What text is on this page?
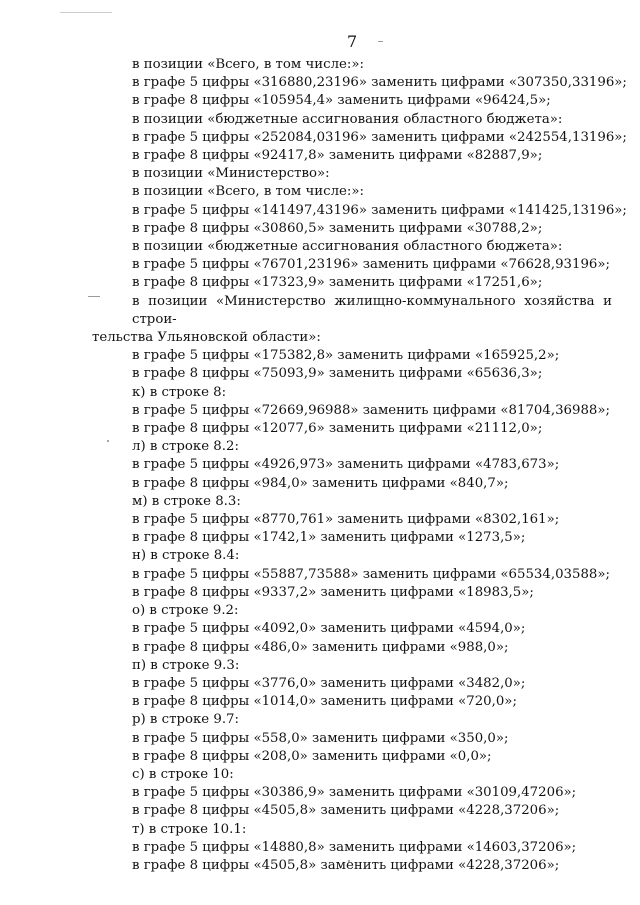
7
в позиции «Всего, в том числе:»:
в графе 5 цифры «316880,23196» заменить цифрами «307350,33196»;
в графе 8 цифры «105954,4» заменить цифрами «96424,5»;
в позиции «бюджетные ассигнования областного бюджета»:
в графе 5 цифры «252084,03196» заменить цифрами «242554,13196»;
в графе 8 цифры «92417,8» заменить цифрами «82887,9»;
в позиции «Министерство»:
в позиции «Всего, в том числе:»:
в графе 5 цифры «141497,43196» заменить цифрами «141425,13196»;
в графе 8 цифры «30860,5» заменить цифрами «30788,2»;
в позиции «бюджетные ассигнования областного бюджета»:
в графе 5 цифры «76701,23196» заменить цифрами «76628,93196»;
в графе 8 цифры «17323,9» заменить цифрами «17251,6»;
в позиции «Министерство жилищно-коммунального хозяйства и строи-
тельства Ульяновской области»:
в графе 5 цифры «175382,8» заменить цифрами «165925,2»;
в графе 8 цифры «75093,9» заменить цифрами «65636,3»;
к) в строке 8:
в графе 5 цифры «72669,96988» заменить цифрами «81704,36988»;
в графе 8 цифры «12077,6» заменить цифрами «21112,0»;
л) в строке 8.2:
в графе 5 цифры «4926,973» заменить цифрами «4783,673»;
в графе 8 цифры «984,0» заменить цифрами «840,7»;
м) в строке 8.3:
в графе 5 цифры «8770,761» заменить цифрами «8302,161»;
в графе 8 цифры «1742,1» заменить цифрами «1273,5»;
н) в строке 8.4:
в графе 5 цифры «55887,73588» заменить цифрами «65534,03588»;
в графе 8 цифры «9337,2» заменить цифрами «18983,5»;
о) в строке 9.2:
в графе 5 цифры «4092,0» заменить цифрами «4594,0»;
в графе 8 цифры «486,0» заменить цифрами «988,0»;
п) в строке 9.3:
в графе 5 цифры «3776,0» заменить цифрами «3482,0»;
в графе 8 цифры «1014,0» заменить цифрами «720,0»;
р) в строке 9.7:
в графе 5 цифры «558,0» заменить цифрами «350,0»;
в графе 8 цифры «208,0» заменить цифрами «0,0»;
с) в строке 10:
в графе 5 цифры «30386,9» заменить цифрами «30109,47206»;
в графе 8 цифры «4505,8» заменить цифрами «4228,37206»;
т) в строке 10.1:
в графе 5 цифры «14880,8» заменить цифрами «14603,37206»;
в графе 8 цифры «4505,8» заменить цифрами «4228,37206»;
